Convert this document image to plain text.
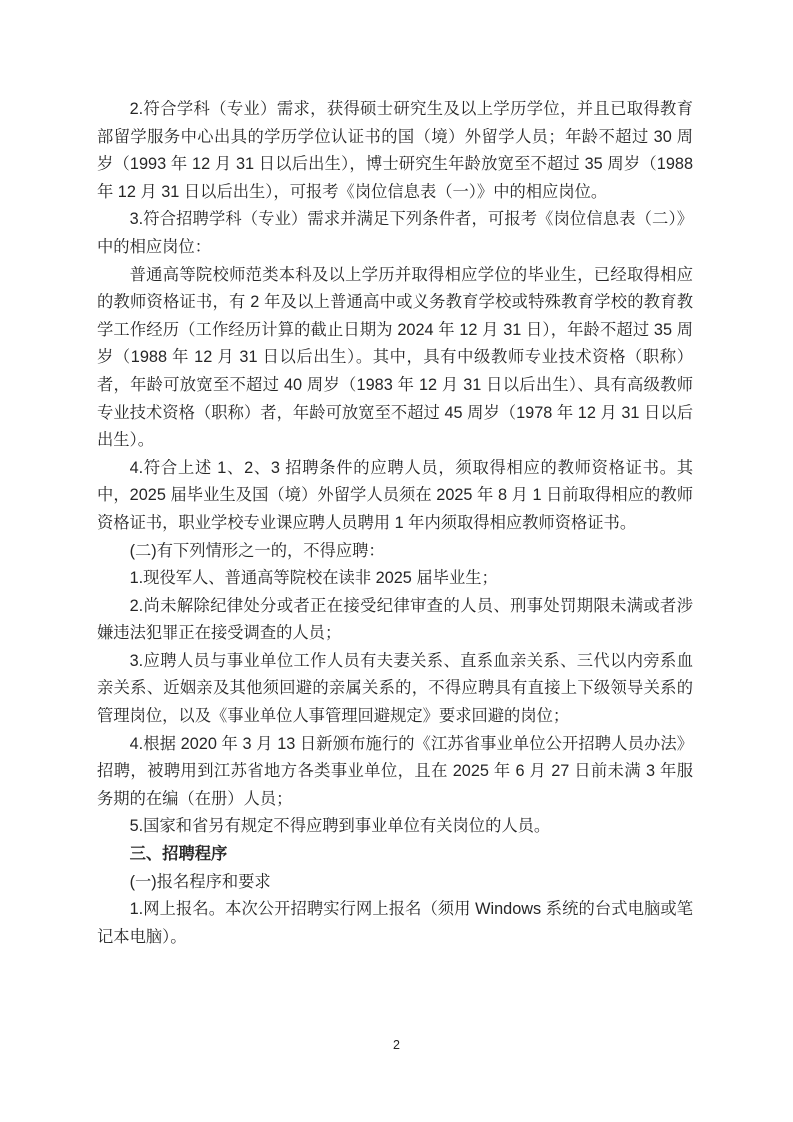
2.符合学科（专业）需求，获得硕士研究生及以上学历学位，并且已取得教育部留学服务中心出具的学历学位认证书的国（境）外留学人员；年龄不超过 30 周岁（1993 年 12 月 31 日以后出生），博士研究生年龄放宽至不超过 35 周岁（1988 年 12 月 31 日以后出生），可报考《岗位信息表（一）》中的相应岗位。

3.符合招聘学科（专业）需求并满足下列条件者，可报考《岗位信息表（二）》中的相应岗位：

普通高等院校师范类本科及以上学历并取得相应学位的毕业生，已经取得相应的教师资格证书，有 2 年及以上普通高中或义务教育学校或特殊教育学校的教育教学工作经历（工作经历计算的截止日期为 2024 年 12 月 31 日），年龄不超过 35 周岁（1988 年 12 月 31 日以后出生）。其中，具有中级教师专业技术资格（职称）者，年龄可放宽至不超过 40 周岁（1983 年 12 月 31 日以后出生）、具有高级教师专业技术资格（职称）者，年龄可放宽至不超过 45 周岁（1978 年 12 月 31 日以后出生）。

4.符合上述 1、2、3 招聘条件的应聘人员，须取得相应的教师资格证书。其中，2025 届毕业生及国（境）外留学人员须在 2025 年 8 月 1 日前取得相应的教师资格证书，职业学校专业课应聘人员聘用 1 年内须取得相应教师资格证书。

(二)有下列情形之一的，不得应聘：

1.现役军人、普通高等院校在读非 2025 届毕业生；

2.尚未解除纪律处分或者正在接受纪律审查的人员、刑事处罚期限未满或者涉嫌违法犯罪正在接受调查的人员；

3.应聘人员与事业单位工作人员有夫妻关系、直系血亲关系、三代以内旁系血亲关系、近姻亲及其他须回避的亲属关系的，不得应聘具有直接上下级领导关系的管理岗位，以及《事业单位人事管理回避规定》要求回避的岗位；

4.根据 2020 年 3 月 13 日新颁布施行的《江苏省事业单位公开招聘人员办法》招聘，被聘用到江苏省地方各类事业单位，且在 2025 年 6 月 27 日前未满 3 年服务期的在编（在册）人员；

5.国家和省另有规定不得应聘到事业单位有关岗位的人员。

三、招聘程序

(一)报名程序和要求

1.网上报名。本次公开招聘实行网上报名（须用 Windows 系统的台式电脑或笔记本电脑）。

2
